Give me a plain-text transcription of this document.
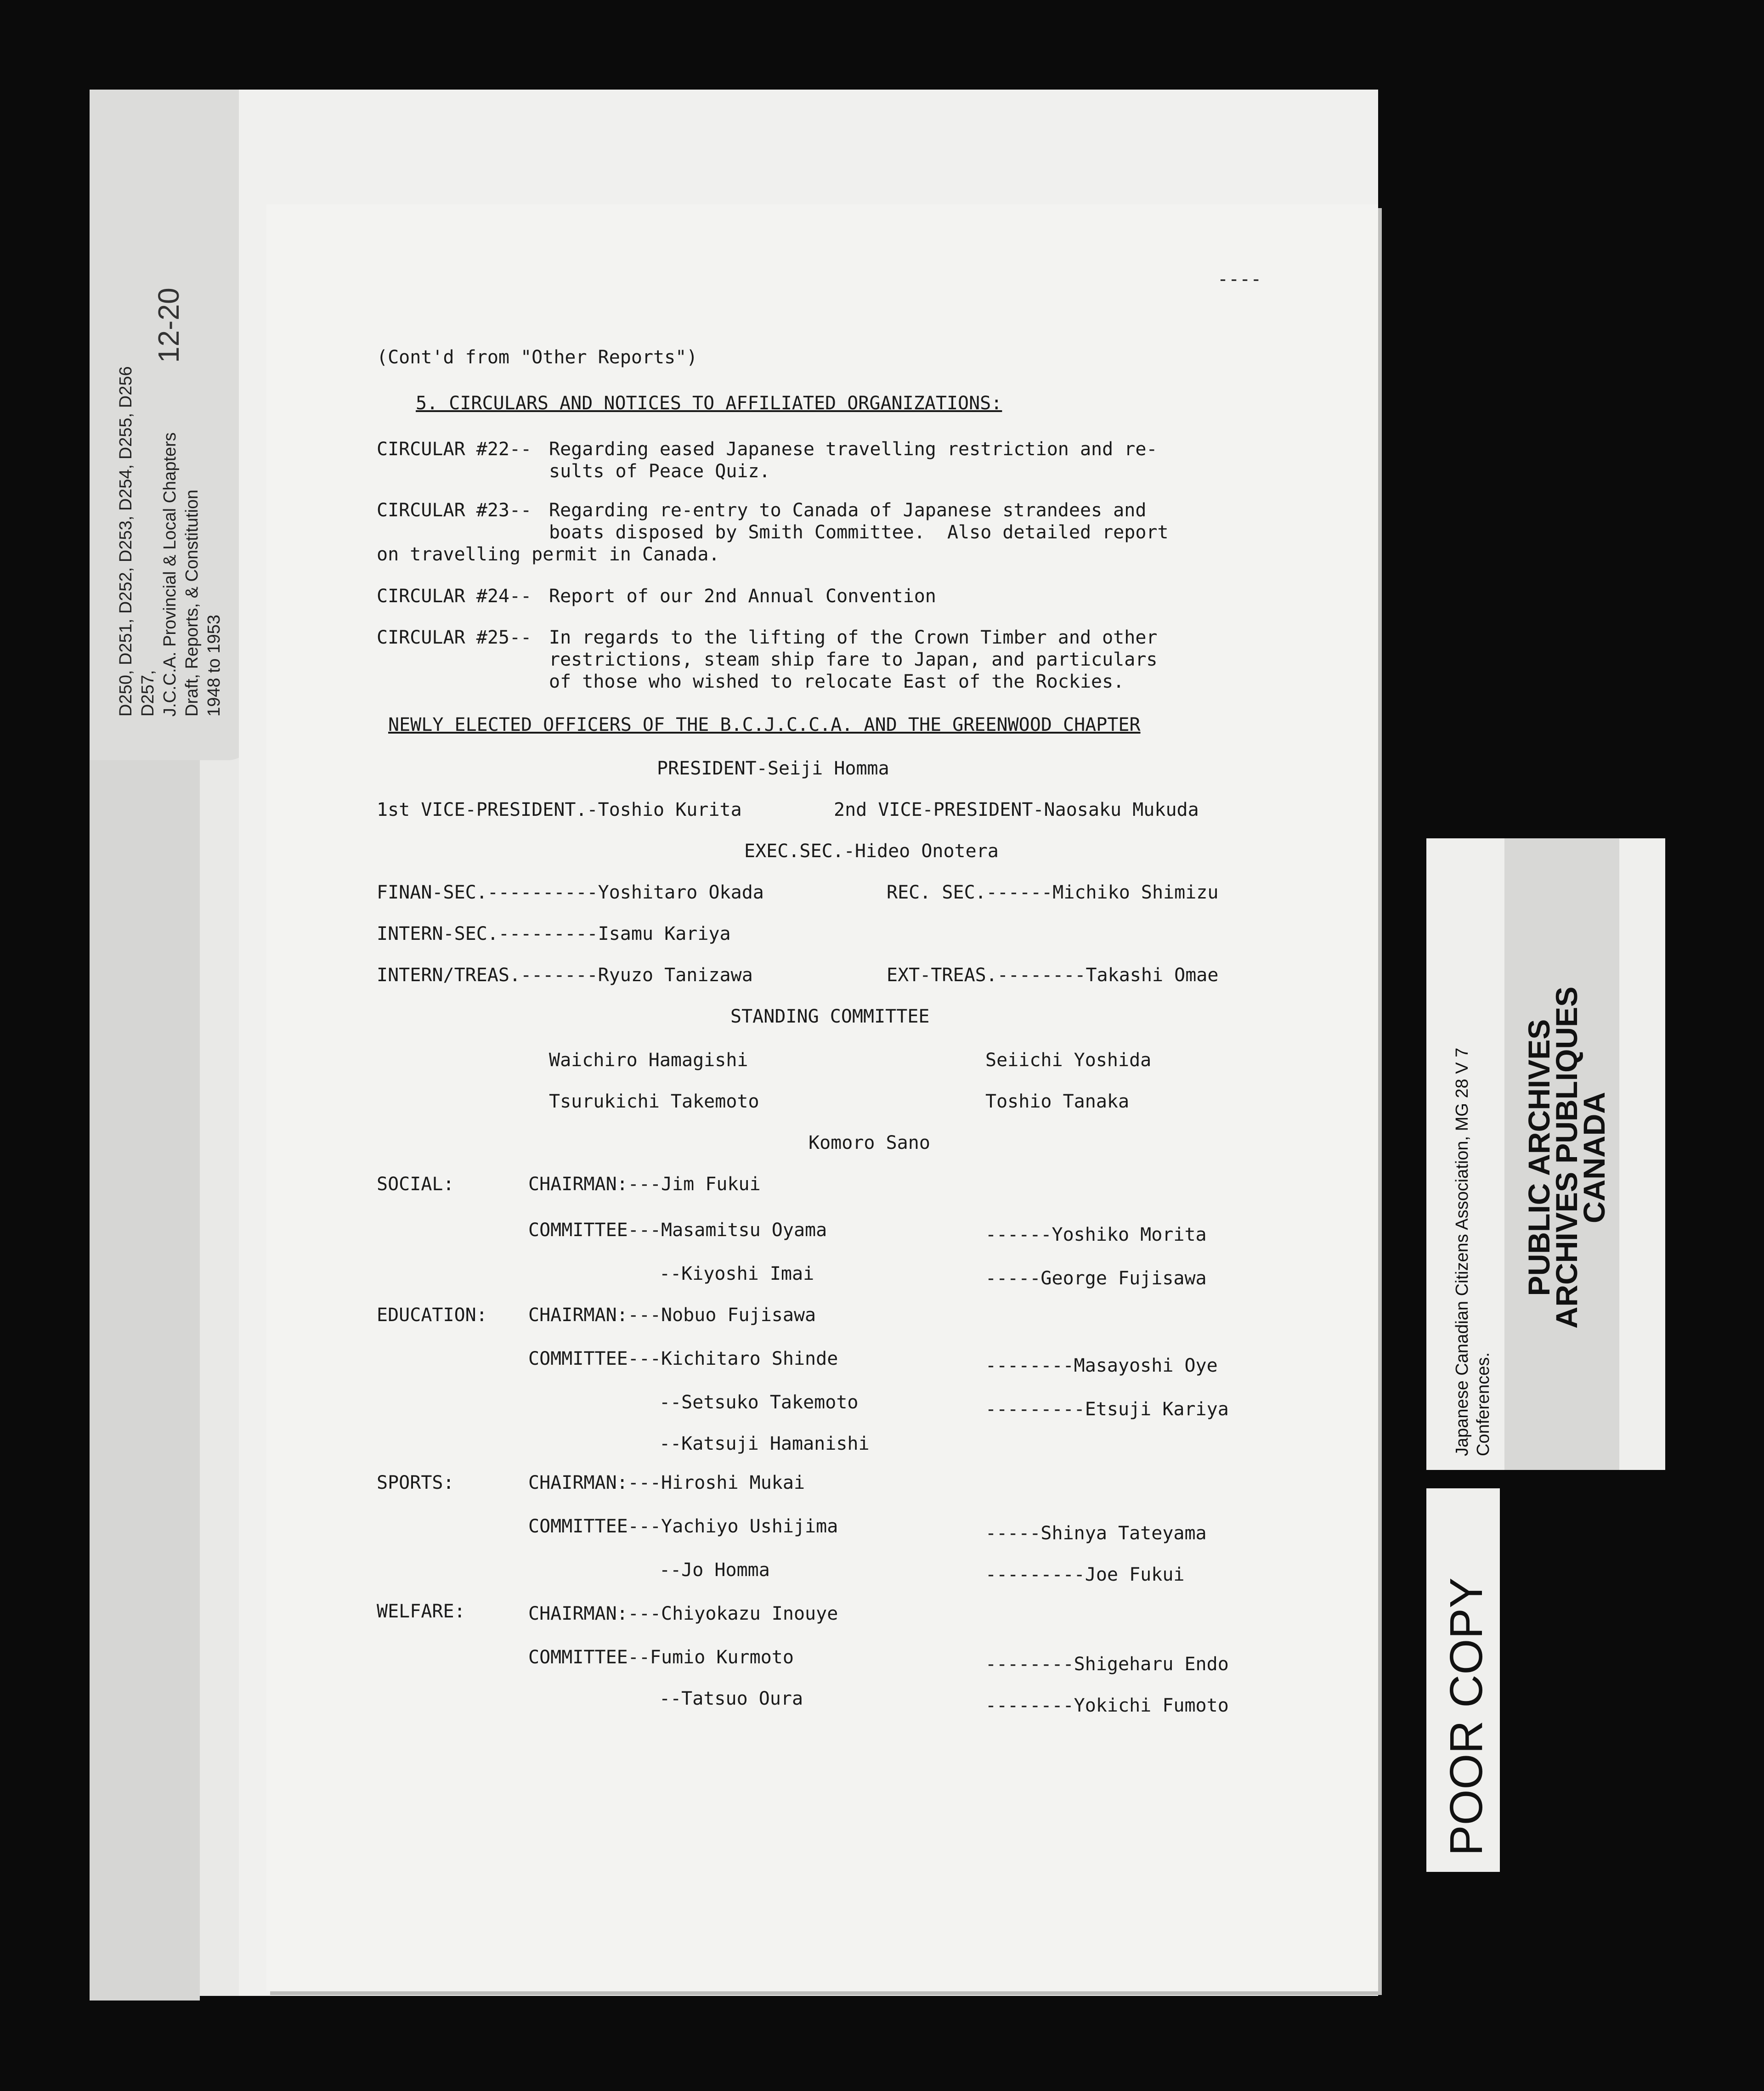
D250, D251, D252, D253, D254, D255, D256 D257, J.C.C.A. Provincial & Local Chapters Draft, Reports, & Constitution 1948 to 1953
12-20
Japanese Canadian Citizens Association, MG 28 V 7 Conferences.
PUBLIC ARCHIVES
ARCHIVES PUBLIQUES
CANADA
POOR COPY
----
(Cont'd from "Other Reports")
5. CIRCULARS AND NOTICES TO AFFILIATED ORGANIZATIONS:
CIRCULAR #22-- Regarding eased Japanese travelling restriction and re-
sults of Peace Quiz.
CIRCULAR #23-- Regarding re-entry to Canada of Japanese strandees and
boats disposed by Smith Committee.  Also detailed report
on travelling permit in Canada.
CIRCULAR #24-- Report of our 2nd Annual Convention
CIRCULAR #25-- In regards to the lifting of the Crown Timber and other
restrictions, steam ship fare to Japan, and particulars
of those who wished to relocate East of the Rockies.
NEWLY ELECTED OFFICERS OF THE B.C.J.C.C.A. AND THE GREENWOOD CHAPTER
PRESIDENT-Seiji Homma
1st VICE-PRESIDENT.-Toshio Kurita	2nd VICE-PRESIDENT-Naosaku Mukuda
EXEC.SEC.-Hideo Onotera
FINAN-SEC.----------Yoshitaro Okada	REC. SEC.------Michiko Shimizu
INTERN-SEC.---------Isamu Kariya
INTERN/TREAS.-------Ryuzo Tanizawa	EXT-TREAS.--------Takashi Omae
STANDING COMMITTEE
Waichiro Hamagishi	Seiichi Yoshida
Tsurukichi Takemoto	Toshio Tanaka
Komoro Sano
SOCIAL:	CHAIRMAN:---Jim Fukui
COMMITTEE---Masamitsu Oyama	------Yoshiko Morita
--Kiyoshi Imai	-----George Fujisawa
EDUCATION: CHAIRMAN:---Nobuo Fujisawa
COMMITTEE---Kichitaro Shinde	--------Masayoshi Oye
--Setsuko Takemoto	---------Etsuji Kariya
--Katsuji Hamanishi
SPORTS:	CHAIRMAN:---Hiroshi Mukai
COMMITTEE---Yachiyo Ushijima	-----Shinya Tateyama
--Jo Homma	---------Joe Fukui
WELFARE:	CHAIRMAN:---Chiyokazu Inouye
COMMITTEE--Fumio Kurmoto	--------Shigeharu Endo
--Tatsuo Oura	--------Yokichi Fumoto
